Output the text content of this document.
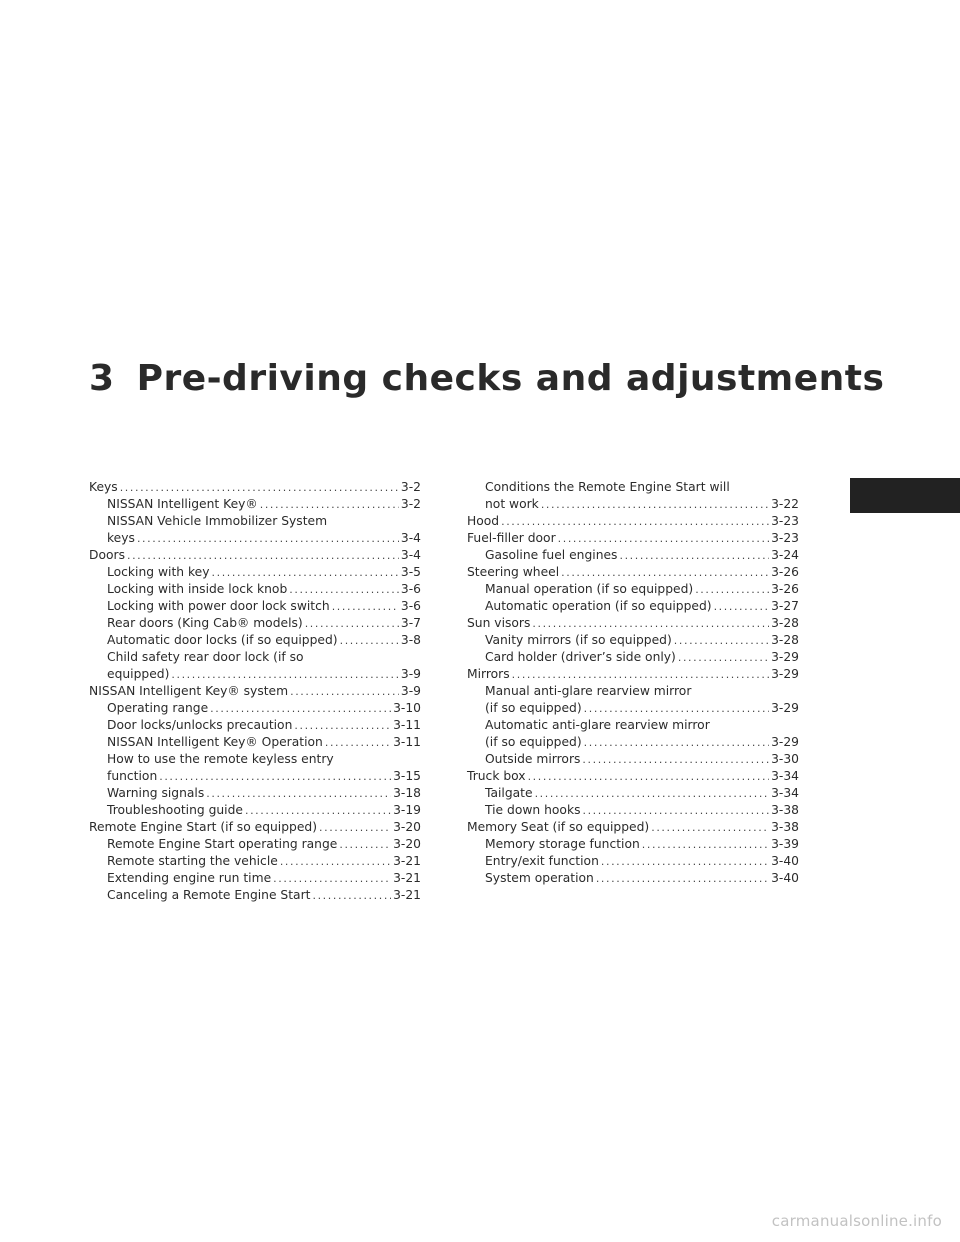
3 Pre-driving checks and adjustments
Keys .....	3-2
NISSAN Intelligent Key® .....	3-2
NISSAN Vehicle Immobilizer System
keys .....	3-4
Doors .....	3-4
Locking with key .....	3-5
Locking with inside lock knob .....	3-6
Locking with power door lock switch .....	3-6
Rear doors (King Cab® models) .....	3-7
Automatic door locks (if so equipped) .....	3-8
Child safety rear door lock (if so
equipped) .....	3-9
NISSAN Intelligent Key® system .....	3-9
Operating range .....	3-10
Door locks/unlocks precaution .....	3-11
NISSAN Intelligent Key® Operation .....	3-11
How to use the remote keyless entry
function .....	3-15
Warning signals .....	3-18
Troubleshooting guide .....	3-19
Remote Engine Start (if so equipped) .....	3-20
Remote Engine Start operating range .....	3-20
Remote starting the vehicle .....	3-21
Extending engine run time .....	3-21
Canceling a Remote Engine Start .....	3-21
Conditions the Remote Engine Start will
not work .....	3-22
Hood .....	3-23
Fuel-filler door .....	3-23
Gasoline fuel engines .....	3-24
Steering wheel .....	3-26
Manual operation (if so equipped) .....	3-26
Automatic operation (if so equipped) .....	3-27
Sun visors .....	3-28
Vanity mirrors (if so equipped) .....	3-28
Card holder (driver’s side only) .....	3-29
Mirrors .....	3-29
Manual anti-glare rearview mirror
(if so equipped) .....	3-29
Automatic anti-glare rearview mirror
(if so equipped) .....	3-29
Outside mirrors .....	3-30
Truck box .....	3-34
Tailgate .....	3-34
Tie down hooks .....	3-38
Memory Seat (if so equipped) .....	3-38
Memory storage function .....	3-39
Entry/exit function .....	3-40
System operation .....	3-40
carmanualsonline.info
